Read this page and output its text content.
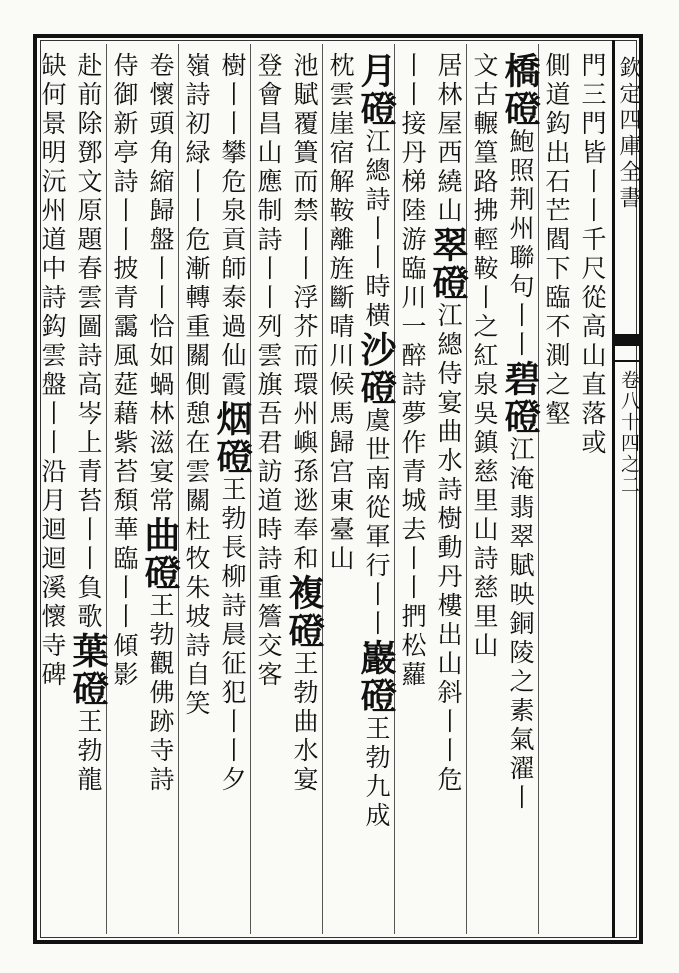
欽定四庫全書
卷八十四之二
門三門皆丨丨千尺從高山直落或
側道鈎出石芒閻下臨不測之壑
橋磴鮑照荆州聯句丨丨碧磴江淹翡翠賦映銅陵之素氣濯丨
文古輾篁路拂輕鞍丨之紅泉吳鎮慈里山詩慈里山
居林屋西繞山翠磴江總侍宴曲水詩樹動丹樓出山斜丨丨危
丨丨接丹梯陸游臨川一醉詩夢作青城去丨丨捫松蘿
月磴江總詩丨丨時横沙磴虞世南從軍行丨丨巖磴王勃九成
枕雲崖宿解鞍離旌斷晴川候馬歸宫東臺山
池賦覆簣而禁丨丨浮芥而環州嶼孫逖奉和複磴王勃曲水宴
登會昌山應制詩丨丨列雲旗吾君訪道時詩重簷交客
樹丨丨攀危泉貢師泰過仙霞烟磴王勃長柳詩晨征犯丨丨夕
嶺詩初緑丨丨危漸轉重關側憩在雲關杜牧朱坡詩自笑
卷懷頭角縮歸盤丨丨恰如蝸林滋宴常曲磴王勃觀佛跡寺詩
侍御新亭詩丨丨披青靄風莚藉紫苔頽華臨丨丨傾影
赴前除鄧文原題春雲圖詩高岑上青苔丨丨負歌葉磴王勃龍
缺何景明沅州道中詩鈎雲盤丨丨沿月迴迴溪懷寺碑
